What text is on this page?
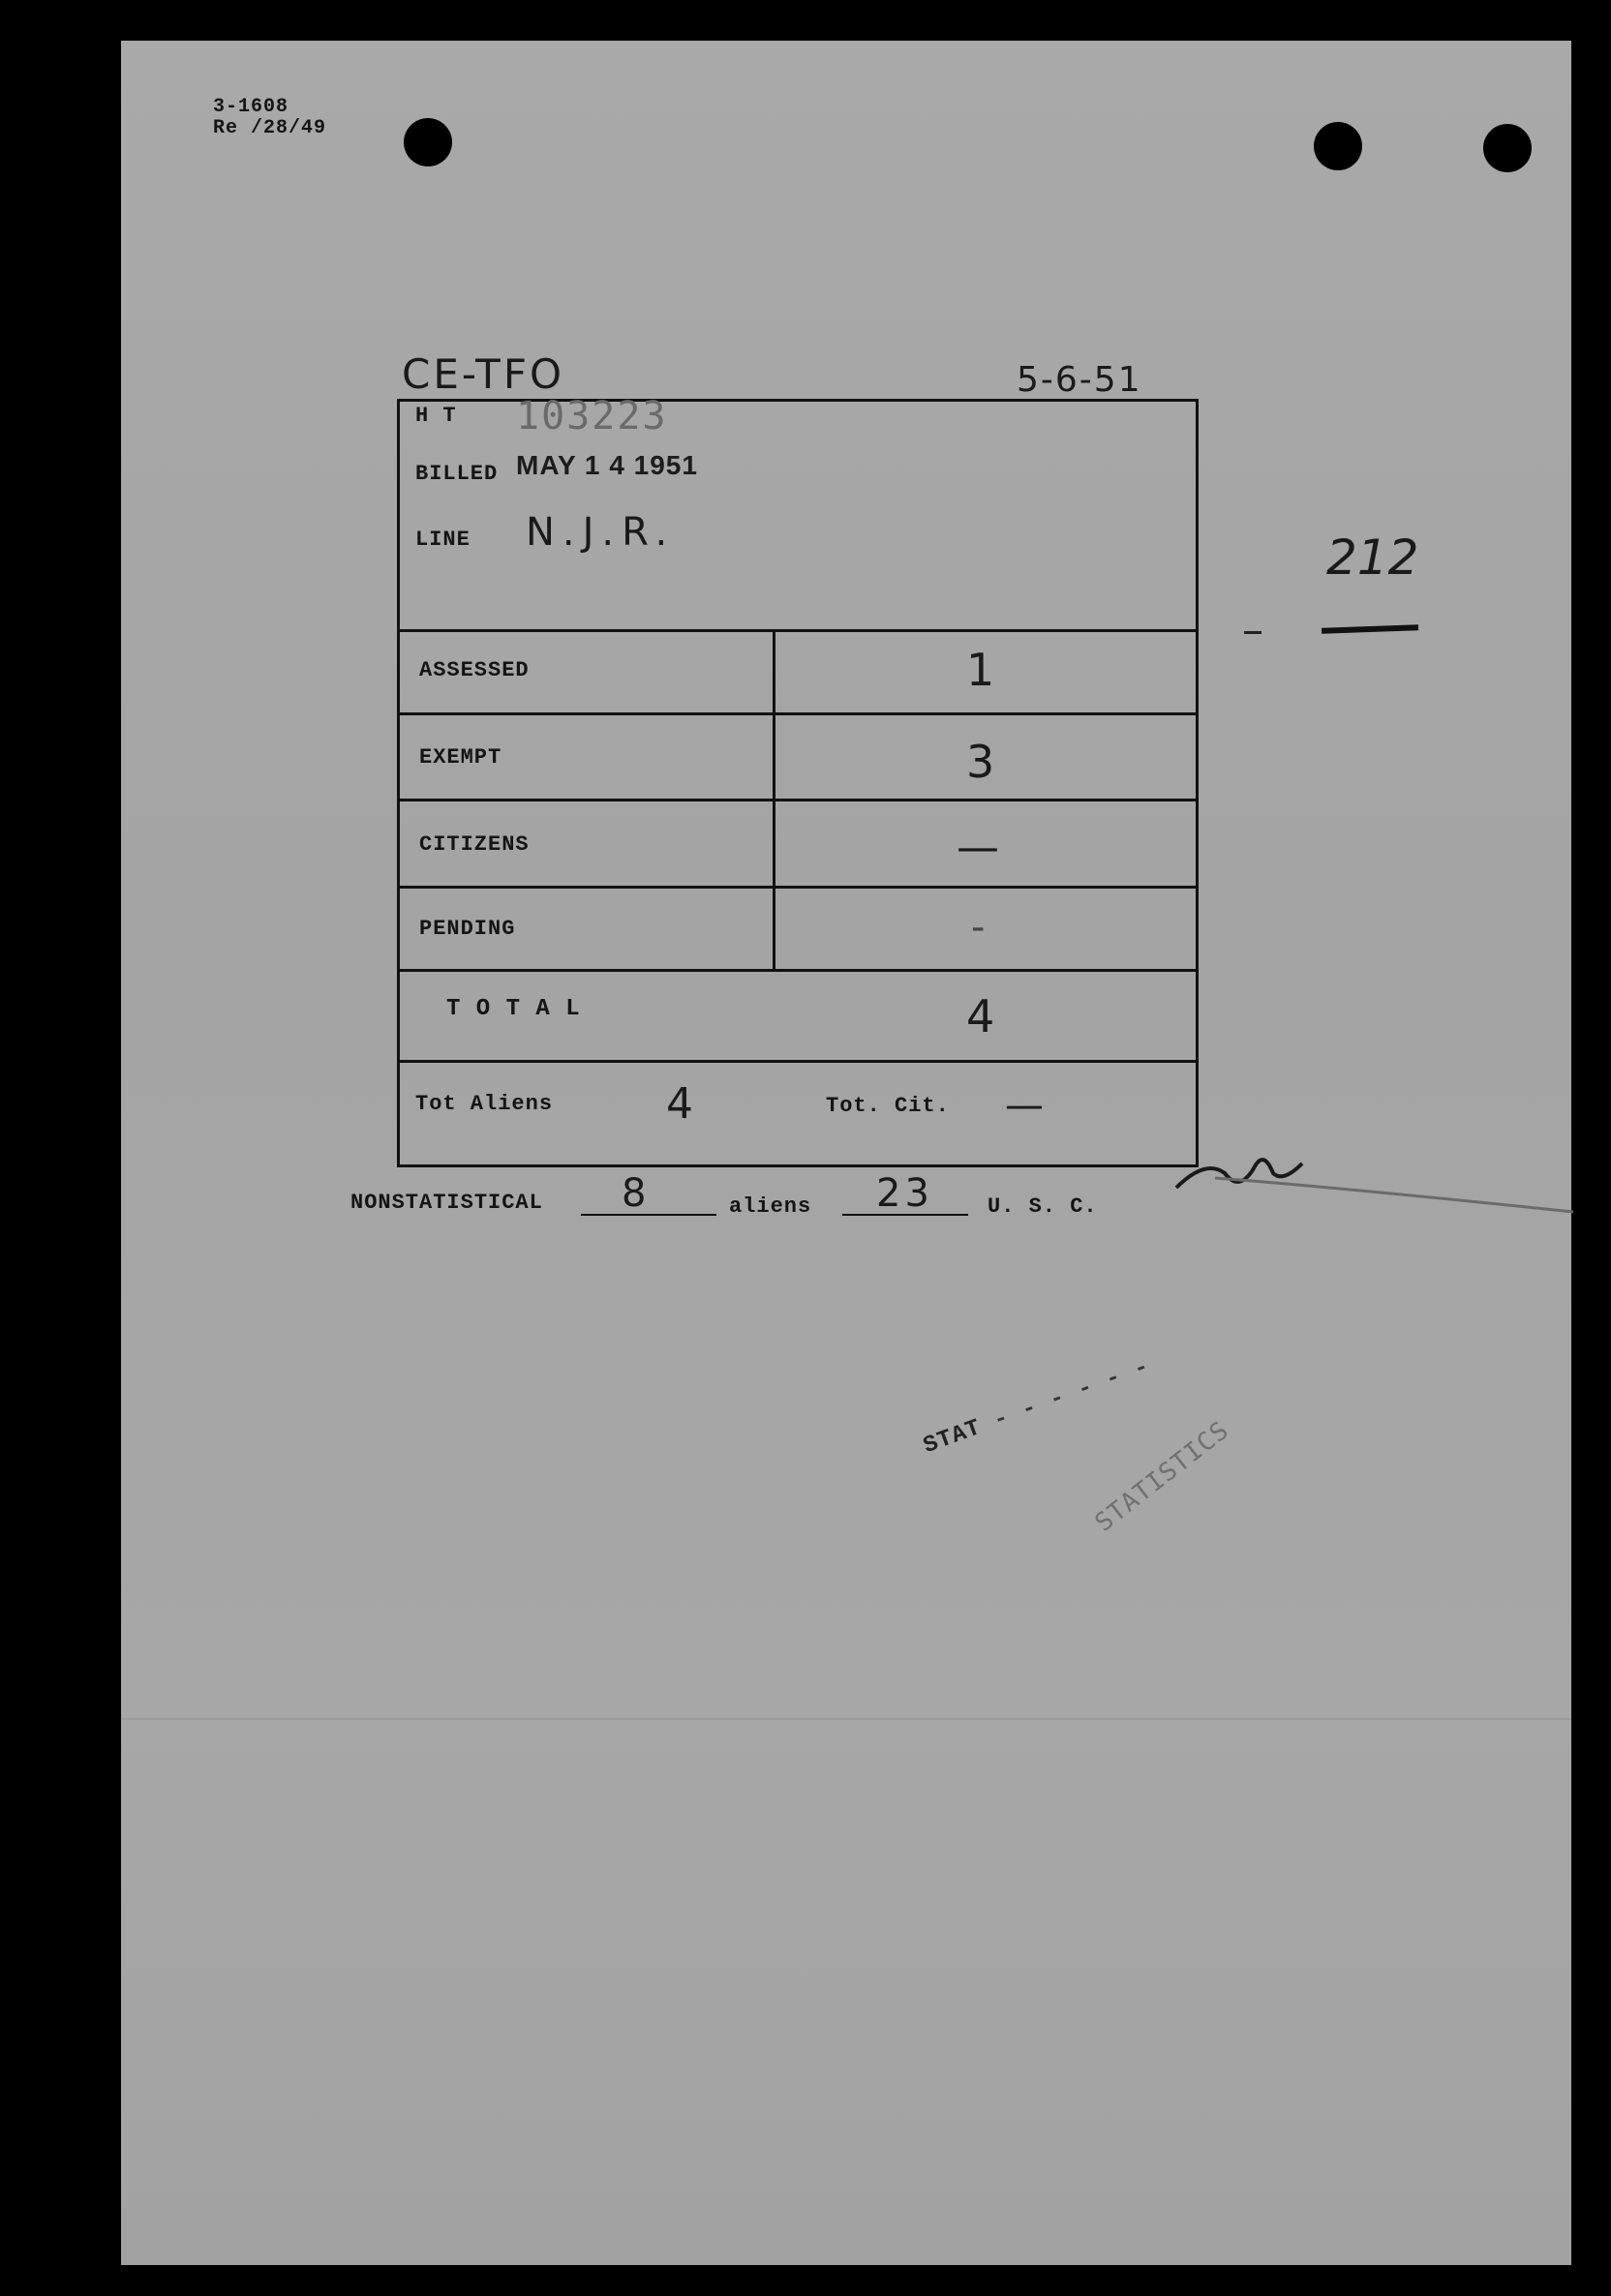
3-1608
Re /28/49
CE-TFO	5-6-51
H T 103223
BILLED MAY 1 4 1951
LINE N.J.R.
ASSESSED	1
EXEMPT	3
CITIZENS	—
PENDING	-
T O T A L	4
Tot Aliens	4	Tot. Cit. —
212
NONSTATISTICAL 8	aliens 23	U. S. C.
STAT - - - - - -
STATISTICS
